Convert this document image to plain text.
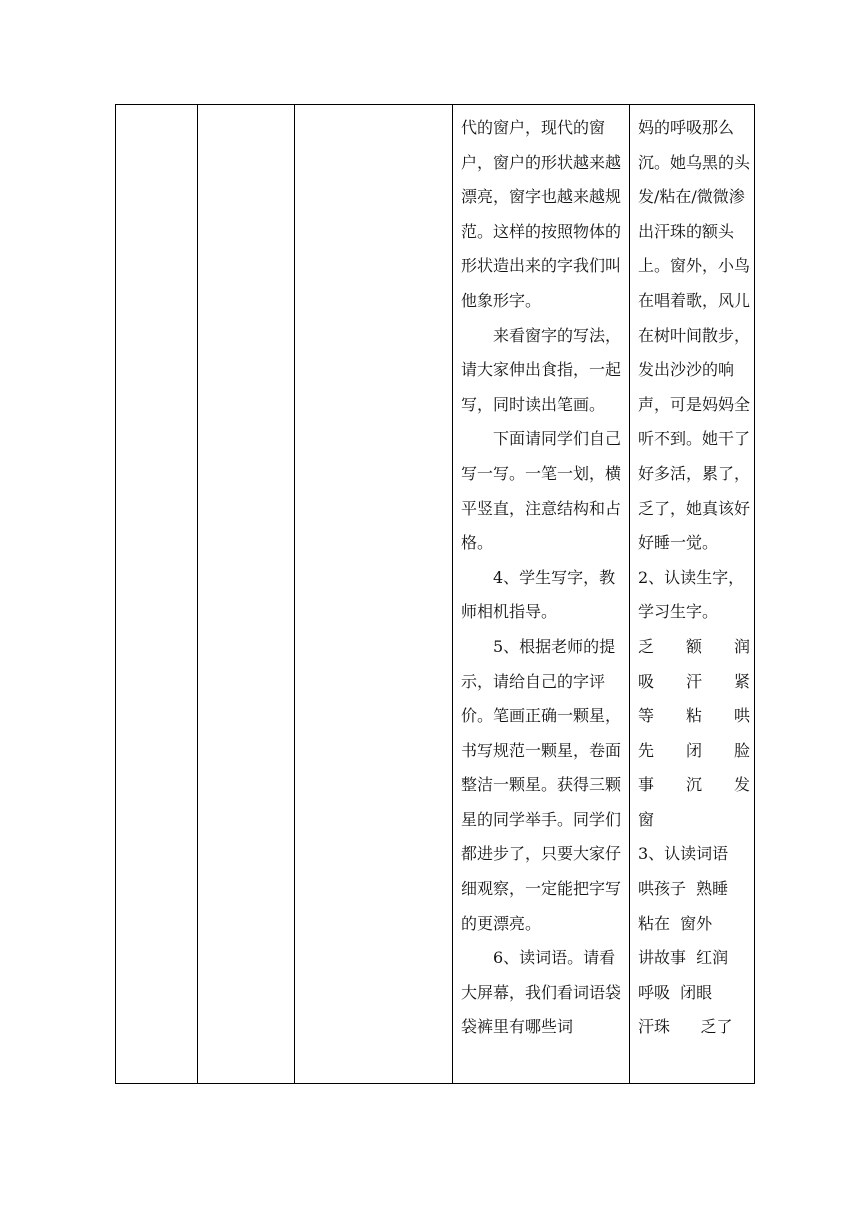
代的窗户，现代的窗户，窗户的形状越来越漂亮，窗字也越来越规范。这样的按照物体的形状造出来的字我们叫他象形字。

来看窗字的写法，请大家伸出食指，一起写，同时读出笔画。

下面请同学们自己写一写。一笔一划，横平竖直，注意结构和占格。

4、学生写字，教师相机指导。

5、根据老师的提示，请给自己的字评价。笔画正确一颗星，书写规范一颗星，卷面整洁一颗星。获得三颗星的同学举手。同学们都进步了，只要大家仔细观察，一定能把字写的更漂亮。

6、读词语。请看大屏幕，我们看词语袋袋裤里有哪些词

妈的呼吸那么沉。她乌黑的头发/粘在/微微渗出汗珠的额头上。窗外，小鸟在唱着歌，风儿在树叶间散步，发出沙沙的响声，可是妈妈全听不到。她干了好多活，累了，乏了，她真该好好睡一觉。

2、认读生字，学习生字。

乏 额 润
吸 汗 紧
等 粘 哄
先 闭 脸
事 沉 发

窗

3、认读词语

哄孩子  熟睡

粘在  窗外

讲故事  红润

呼吸  闭眼

汗珠      乏了
